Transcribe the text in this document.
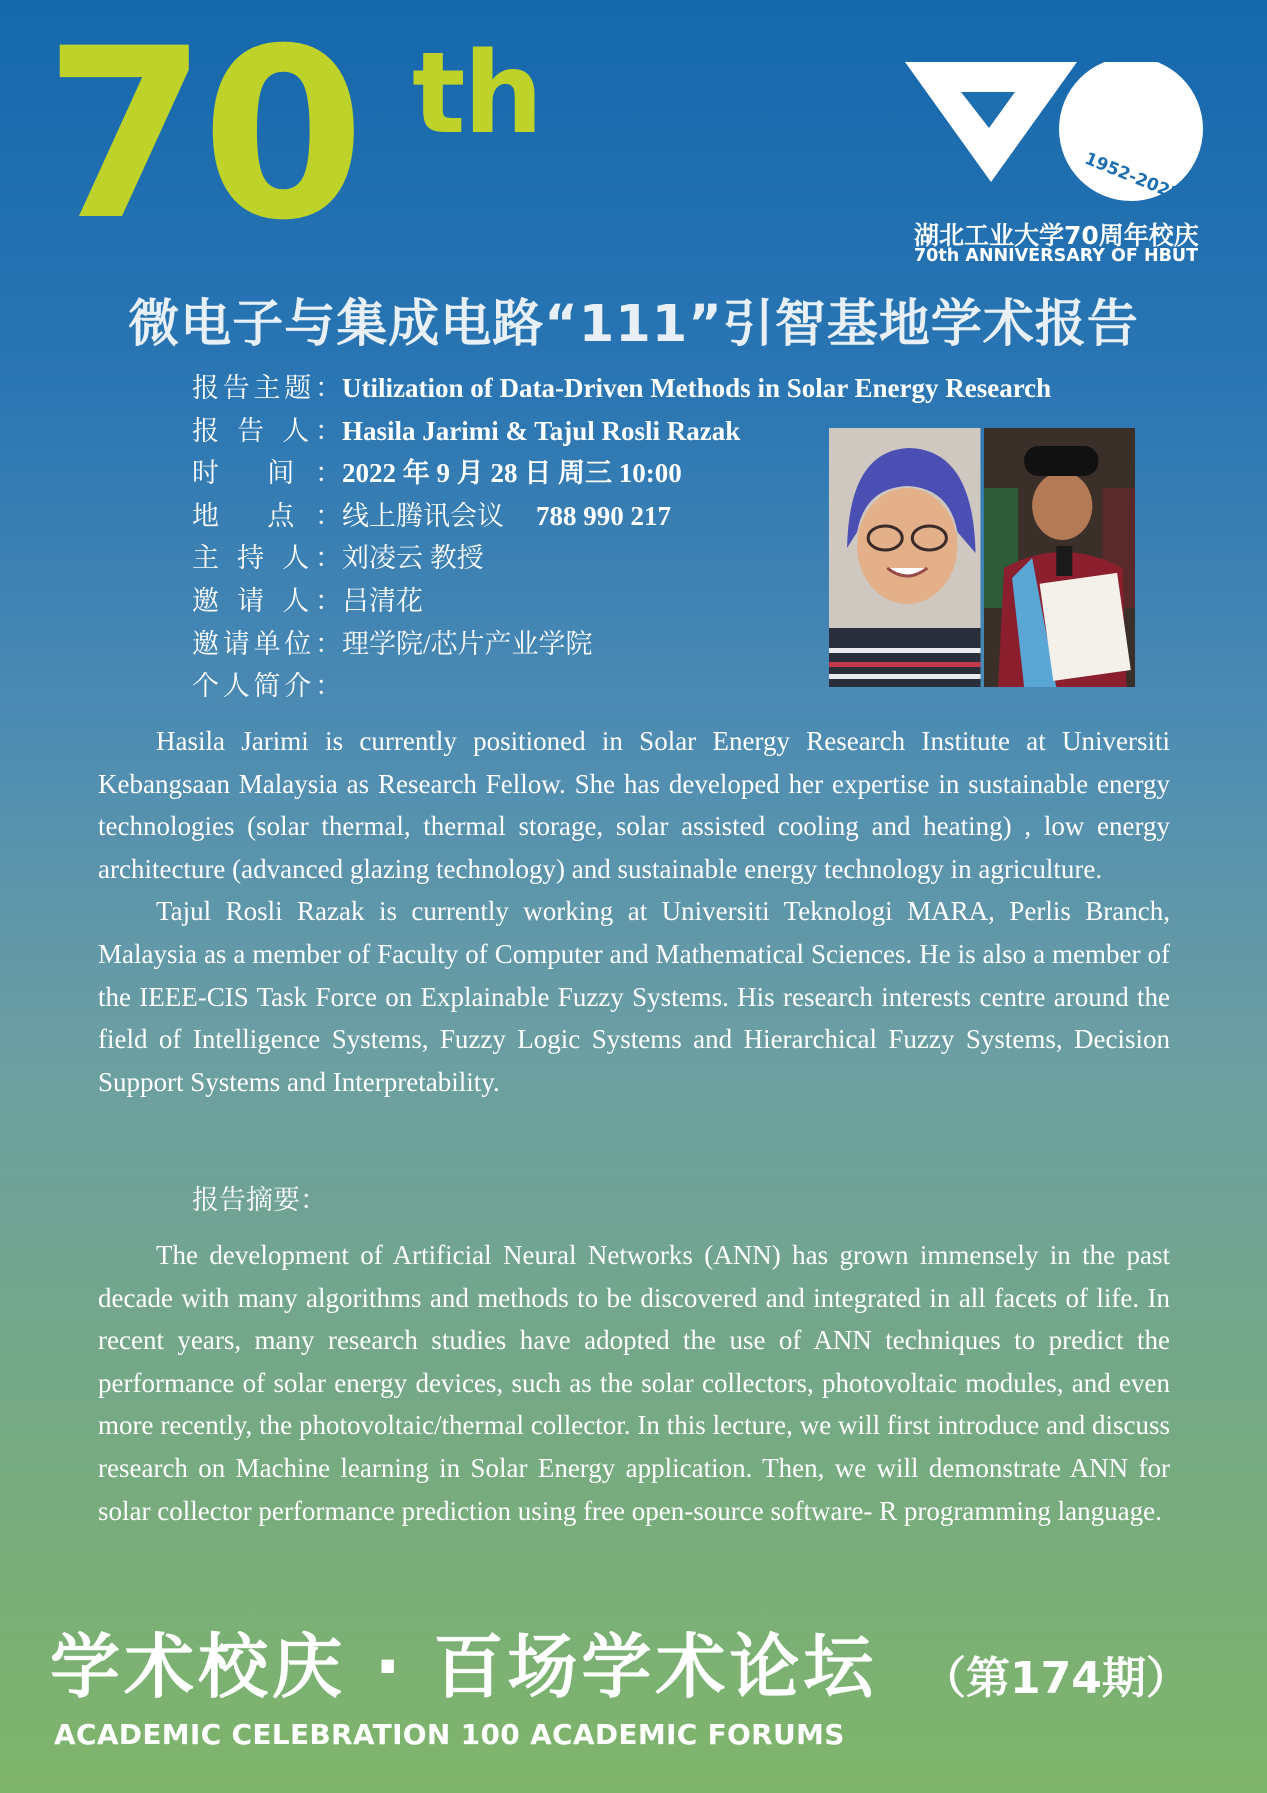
70 th
1952-2022
湖北工业大学70周年校庆
70th ANNIVERSARY OF HBUT
微电子与集成电路“111”引智基地学术报告
报告主题：Utilization of Data-Driven Methods in Solar Energy Research
报 告 人：Hasila Jarimi & Tajul Rosli Razak
时 间：2022 年 9 月 28 日 周三 10:00
地 点：线上腾讯会议 788 990 217
主 持 人：刘凌云 教授
邀 请 人：吕清花
邀请单位：理学院/芯片产业学院
个人简介：

Hasila Jarimi is currently positioned in Solar Energy Research Institute at Universiti Kebangsaan Malaysia as Research Fellow. She has developed her expertise in sustainable energy technologies (solar thermal, thermal storage, solar assisted cooling and heating) , low energy architecture (advanced glazing technology) and sustainable energy technology in agriculture.

Tajul Rosli Razak is currently working at Universiti Teknologi MARA, Perlis Branch, Malaysia as a member of Faculty of Computer and Mathematical Sciences. He is also a member of the IEEE-CIS Task Force on Explainable Fuzzy Systems. His research interests centre around the field of Intelligence Systems, Fuzzy Logic Systems and Hierarchical Fuzzy Systems, Decision Support Systems and Interpretability.

报告摘要：

The development of Artificial Neural Networks (ANN) has grown immensely in the past decade with many algorithms and methods to be discovered and integrated in all facets of life. In recent years, many research studies have adopted the use of ANN techniques to predict the performance of solar energy devices, such as the solar collectors, photovoltaic modules, and even more recently, the photovoltaic/thermal collector. In this lecture, we will first introduce and discuss research on Machine learning in Solar Energy application. Then, we will demonstrate ANN for solar collector performance prediction using free open-source software- R programming language.

学术校庆 · 百场学术论坛 （第174期）
ACADEMIC CELEBRATION 100 ACADEMIC FORUMS
